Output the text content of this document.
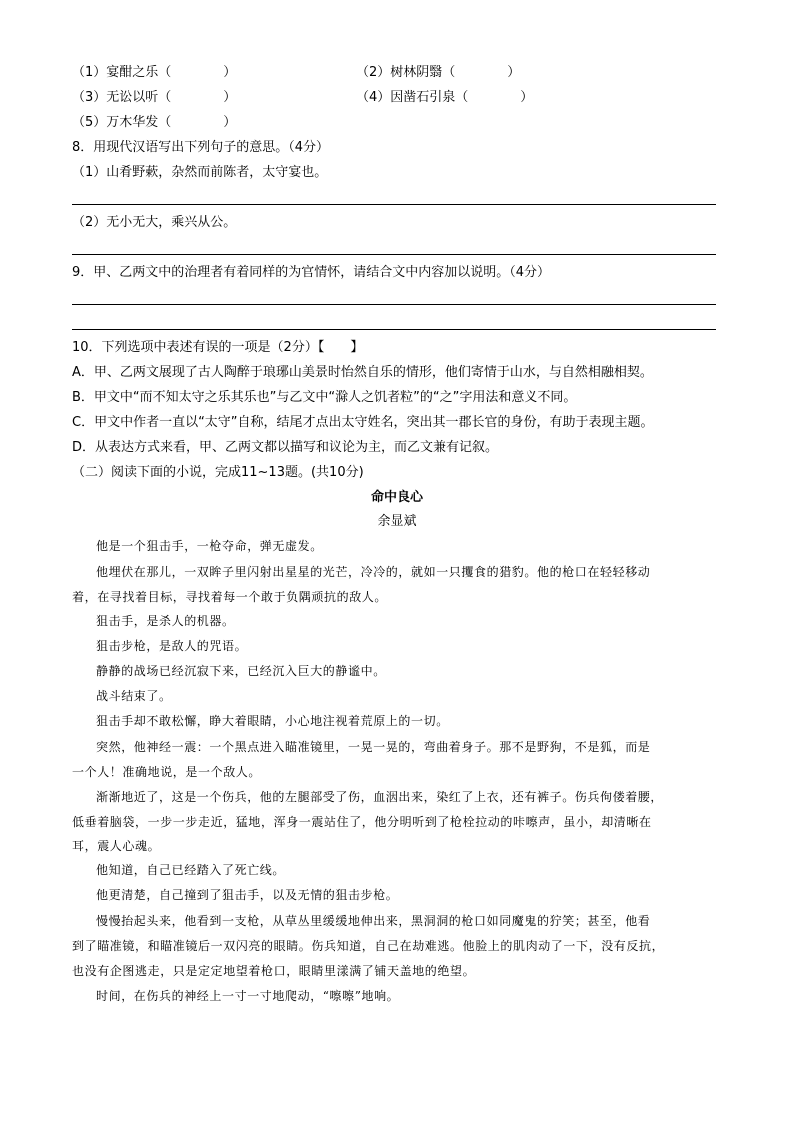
（1）宴酣之乐（　　　　）	（2）树林阴翳（　　　　）
（3）无讼以听（　　　　）	（4）因凿石引泉（　　　　）
（5）万木华发（　　　　）
8．用现代汉语写出下列句子的意思。（4分）
（1）山肴野蔌，杂然而前陈者，太守宴也。
（2）无小无大，乘兴从公。
9．甲、乙两文中的治理者有着同样的为官情怀，请结合文中内容加以说明。（4分）
10．下列选项中表述有误的一项是（2分）【　　】
A．甲、乙两文展现了古人陶醉于琅琊山美景时怡然自乐的情形，他们寄情于山水，与自然相融相契。
B．甲文中“而不知太守之乐其乐也”与乙文中“滁人之饥者粒”的“之”字用法和意义不同。
C．甲文中作者一直以“太守”自称，结尾才点出太守姓名，突出其一郡长官的身份，有助于表现主题。
D．从表达方式来看，甲、乙两文都以描写和议论为主，而乙文兼有记叙。
（二）阅读下面的小说，完成11~13题。(共10分)
命中良心
余显斌
他是一个狙击手，一枪夺命，弹无虚发。
他埋伏在那儿，一双眸子里闪射出星星的光芒，冷冷的，就如一只攫食的猎豹。他的枪口在轻轻移动
着，在寻找着目标，寻找着每一个敢于负隅顽抗的敌人。
狙击手，是杀人的机器。
狙击步枪，是敌人的咒语。
静静的战场已经沉寂下来，已经沉入巨大的静谧中。
战斗结束了。
狙击手却不敢松懈，睁大着眼睛，小心地注视着荒原上的一切。
突然，他神经一震：一个黑点进入瞄准镜里，一晃一晃的，弯曲着身子。那不是野狗，不是狐，而是
一个人！准确地说，是一个敌人。
渐渐地近了，这是一个伤兵，他的左腿部受了伤，血洇出来，染红了上衣，还有裤子。伤兵佝偻着腰，
低垂着脑袋，一步一步走近，猛地，浑身一震站住了，他分明听到了枪栓拉动的咔嚓声，虽小，却清晰在
耳，震人心魂。
他知道，自己已经踏入了死亡线。
他更清楚，自己撞到了狙击手，以及无情的狙击步枪。
慢慢抬起头来，他看到一支枪，从草丛里缓缓地伸出来，黑洞洞的枪口如同魔鬼的狞笑；甚至，他看
到了瞄准镜，和瞄准镜后一双闪亮的眼睛。伤兵知道，自己在劫难逃。他脸上的肌肉动了一下，没有反抗，
也没有企图逃走，只是定定地望着枪口，眼睛里漾满了铺天盖地的绝望。
时间，在伤兵的神经上一寸一寸地爬动，“嚓嚓”地响。
